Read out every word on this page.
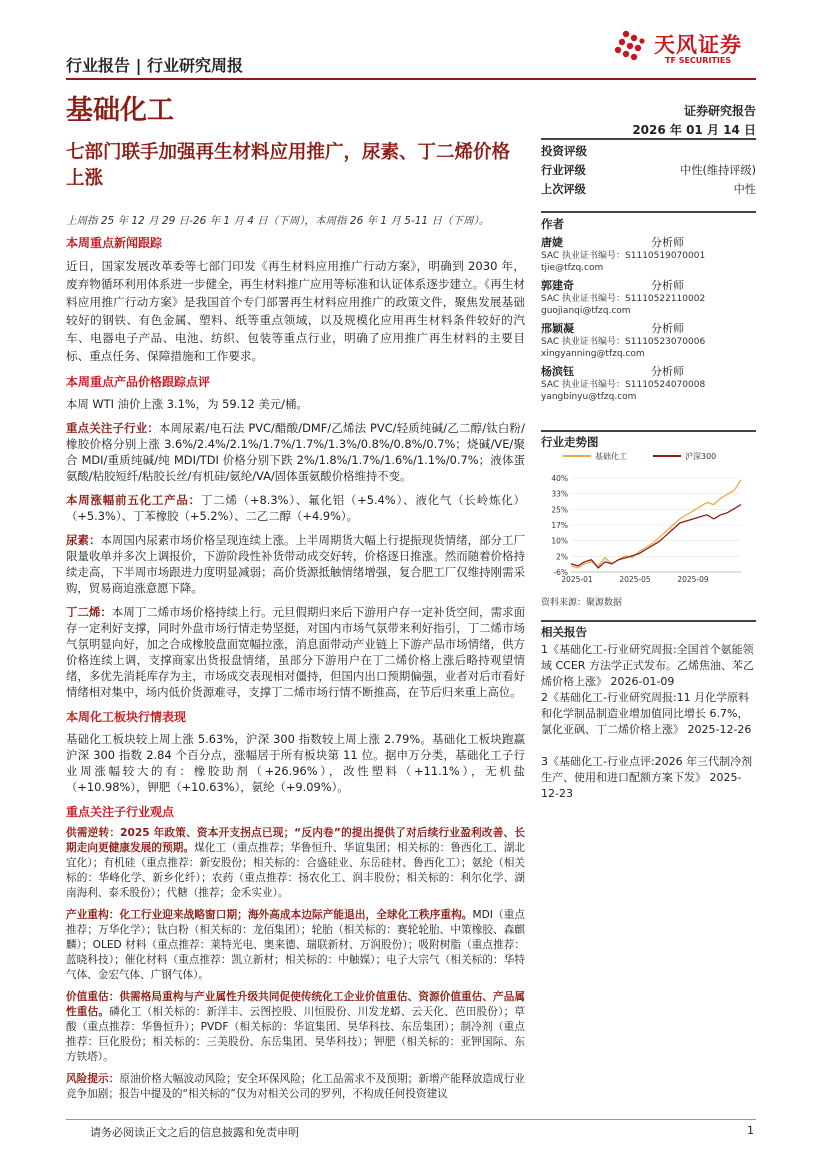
行业报告 | 行业研究周报
基础化工
天风证券
TF SECURITIES
证券研究报告
2026 年 01 月 14 日
七部门联手加强再生材料应用推广，尿素、丁二烯价格上涨
上周指 25 年 12 月 29 日-26 年 1 月 4 日（下周），本周指 26 年 1 月 5-11 日（下周）。
本周重点新闻跟踪
近日，国家发展改革委等七部门印发《再生材料应用推广行动方案》，明确到 2030 年，废弃物循环利用体系进一步健全，再生材料推广应用等标准和认证体系逐步建立。《再生材料应用推广行动方案》是我国首个专门部署再生材料应用推广的政策文件，聚焦发展基础较好的钢铁、有色金属、塑料、纸等重点领域，以及规模化应用再生材料条件较好的汽车、电器电子产品、电池、纺织、包装等重点行业，明确了应用推广再生材料的主要目标、重点任务、保障措施和工作要求。
本周重点产品价格跟踪点评
本周 WTI 油价上涨 3.1%，为 59.12 美元/桶。
重点关注子行业：本周尿素/电石法 PVC/醋酸/DMF/乙烯法 PVC/轻质纯碱/乙二醇/钛白粉/橡胶价格分别上涨 3.6%/2.4%/2.1%/1.7%/1.7%/1.3%/0.8%/0.8%/0.7%；烧碱/VE/聚合 MDI/重质纯碱/纯 MDI/TDI 价格分别下跌 2%/1.8%/1.7%/1.6%/1.1%/0.7%；液体蛋氨酸/粘胶短纤/粘胶长丝/有机硅/氨纶/VA/固体蛋氨酸价格维持不变。
本周涨幅前五化工产品：丁二烯（+8.3%）、氟化铝（+5.4%）、液化气（长岭炼化）（+5.3%）、丁苯橡胶（+5.2%）、二乙二醇（+4.9%）。
尿素：本周国内尿素市场价格呈现连续上涨。上半周期货大幅上行提振现货情绪，部分工厂限量收单并多次上调报价，下游阶段性补货带动成交好转，价格逐日推涨。然而随着价格持续走高，下半周市场跟进力度明显减弱；高价货源抵触情绪增强，复合肥工厂仅维持刚需采购，贸易商追涨意愿下降。
丁二烯：本周丁二烯市场价格持续上行。元旦假期归来后下游用户存一定补货空间，需求面存一定利好支撑，同时外盘市场行情走势坚挺，对国内市场气氛带来利好指引，丁二烯市场气氛明显向好，加之合成橡胶盘面宽幅拉涨，消息面带动产业链上下游产品市场情绪，供方价格连续上调，支撑商家出货报盘情绪，虽部分下游用户在丁二烯价格上涨后略持观望情绪，多优先消耗库存为主，市场成交表现相对僵持，但国内出口预期偏强，业者对后市看好情绪相对集中，场内低价货源难寻，支撑丁二烯市场行情不断推高，在节后归来重上高位。
本周化工板块行情表现
基础化工板块较上周上涨 5.63%，沪深 300 指数较上周上涨 2.79%。基础化工板块跑赢沪深 300 指数 2.84 个百分点，涨幅居于所有板块第 11 位。据申万分类，基础化工子行业周涨幅较大的有：橡胶助剂（+26.96%），改性塑料（+11.1%），无机盐（+10.98%），钾肥（+10.63%），氨纶（+9.09%）。
重点关注子行业观点
供需逆转：2025 年政策、资本开支拐点已现；“反内卷”的提出提供了对后续行业盈利改善、长期走向更健康发展的预期。煤化工（重点推荐；华鲁恒升、华谊集团；相关标的：鲁西化工、湖北宜化）；有机硅（重点推荐：新安股份；相关标的：合盛硅业、东岳硅材、鲁西化工）；氨纶（相关标的：华峰化学、新乡化纤）；农药（重点推荐：扬农化工、润丰股份；相关标的：利尔化学、湖南海利、泰禾股份）；代糖（推荐；金禾实业）。
产业重构：化工行业迎来战略窗口期；海外高成本边际产能退出，全球化工秩序重构。MDI（重点推荐；万华化学）；钛白粉（相关标的：龙佰集团）；轮胎（相关标的：赛轮轮胎、中策橡胶、森麒麟）；OLED 材料（重点推荐：莱特光电、奥来德、瑞联新材、万润股份）；吸附树脂（重点推荐：蓝晓科技）；催化材料（重点推荐：凯立新材；相关标的：中触媒）；电子大宗气（相关标的：华特气体、金宏气体、广钢气体）。
价值重估：供需格局重构与产业属性升级共同促使传统化工企业价值重估、资源价值重估、产品属性重估。磷化工（相关标的：新洋丰、云图控股、川恒股份、川发龙蟒、云天化、芭田股份）；草酸（重点推荐：华鲁恒升）；PVDF（相关标的：华谊集团、昊华科技、东岳集团）；制冷剂（重点推荐：巨化股份；相关标的：三美股份、东岳集团、昊华科技）；钾肥（相关标的：亚钾国际、东方铁塔）。
风险提示：原油价格大幅波动风险；安全环保风险；化工品需求不及预期；新增产能释放造成行业竞争加剧；报告中提及的“相关标的”仅为对相关公司的罗列，不构成任何投资建议
投资评级
行业评级	中性(维持评级)
上次评级	中性
作者
唐婕	分析师
SAC 执业证书编号：S1110519070001
tjie@tfzq.com
郭建奇	分析师
SAC 执业证书编号：S1110522110002
guojianqi@tfzq.com
邢颖凝	分析师
SAC 执业证书编号：S1110523070006
xingyanning@tfzq.com
杨滨钰	分析师
SAC 执业证书编号：S1110524070008
yangbinyu@tfzq.com
行业走势图
基础化工	沪深300
-6%
2%
10%
17%
25%
33%
40%
2025-01	2025-05	2025-09
资料来源：聚源数据
相关报告
1《基础化工-行业研究周报:全国首个氨能领域 CCER 方法学正式发布。乙烯焦油、苯乙烯价格上涨》 2026-01-09
2《基础化工-行业研究周报:11 月化学原料和化学制品制造业增加值同比增长 6.7%，氯化亚砜、丁二烯价格上涨》 2025-12-26
3《基础化工-行业点评:2026 年三代制冷剂生产、使用和进口配额方案下发》 2025-12-23
请务必阅读正文之后的信息披露和免责申明	1
